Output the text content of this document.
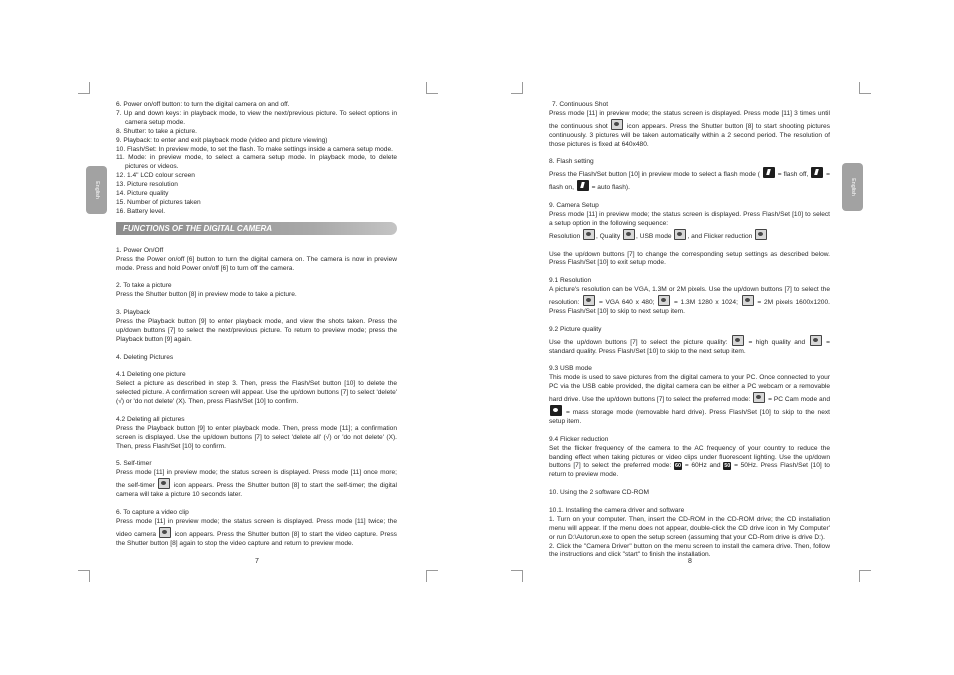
English	English

6. Power on/off button: to turn the digital camera on and off.

7. Up and down keys: in playback mode, to view the next/previous picture. To select options in camera setup mode.

8. Shutter: to take a picture.

9. Playback: to enter and exit playback mode (video and picture viewing)

10. Flash/Set: In preview mode, to set the flash. To make settings inside a camera setup mode.

11. Mode: in preview mode, to select a camera setup mode. In playback mode, to delete pictures or videos.

12. 1.4" LCD colour screen

13. Picture resolution

14. Picture quality

15. Number of pictures taken

16. Battery level.

FUNCTIONS OF THE DIGITAL CAMERA

1. Power On/Off

Press the Power on/off [6] button to turn the digital camera on. The camera is now in preview mode. Press and hold Power on/off [6] to turn off the camera.

2. To take a picture

Press the Shutter button [8] in preview mode to take a picture.

3. Playback

Press the Playback button [9] to enter playback mode, and view the shots taken. Press the up/down buttons [7] to select the next/previous picture. To return to preview mode; press the Playback button [9] again.

4. Deleting Pictures

4.1 Deleting one picture

Select a picture as described in step 3. Then, press the Flash/Set button [10] to delete the selected picture. A confirmation screen will appear. Use the up/down buttons [7] to select 'delete' (√) or 'do not delete' (X). Then, press Flash/Set [10] to confirm.

4.2 Deleting all pictures

Press the Playback button [9] to enter playback mode. Then, press mode [11]; a confirmation screen is displayed. Use the up/down buttons [7] to select 'delete all' (√) or 'do not delete' (X). Then, press Flash/Set [10] to confirm.

5. Self-timer

Press mode [11] in preview mode; the status screen is displayed. Press mode [11] once more; the self-timer	icon appears. Press the Shutter button [8] to start the self-timer; the digital camera will take a picture 10 seconds later.

6. To capture a video clip

Press mode [11] in preview mode; the status screen is displayed. Press mode [11] twice; the video camera	icon appears. Press the Shutter button [8] to start the video capture. Press the Shutter button [8] again to stop the video capture and return to preview mode.

7

7. Continuous Shot

Press mode [11] in preview mode; the status screen is displayed. Press mode [11] 3 times until the continuous shot	icon appears. Press the Shutter button [8] to start shooting pictures continuously. 3 pictures will be taken automatically within a 2 second period. The resolution of those pictures is fixed at 640x480.

8. Flash setting

Press the Flash/Set button [10] in preview mode to select a flash mode (	= flash off,	= flash on,	= auto flash).

9. Camera Setup

Press mode [11] in preview mode; the status screen is displayed. Press Flash/Set [10] to select a setup option in the following sequence:

Resolution , Quality , USB mode , and Flicker reduction

Use the up/down buttons [7] to change the corresponding setup settings as described below. Press Flash/Set [10] to exit setup mode.

9.1 Resolution

A picture's resolution can be VGA, 1.3M or 2M pixels. Use the up/down buttons [7] to select the resolution:	= VGA 640 x 480;	= 1.3M 1280 x 1024;	= 2M pixels 1600x1200. Press Flash/Set [10] to skip to next setup item.

9.2 Picture quality

Use the up/down buttons [7] to select the picture quality:	= high quality and	= standard quality. Press Flash/Set [10] to skip to the next setup item.

9.3 USB mode

This mode is used to save pictures from the digital camera to your PC. Once connected to your PC via the USB cable provided, the digital camera can be either a PC webcam or a removable hard drive. Use the up/down buttons [7] to select the preferred mode:	= PC Cam mode and  = mass storage mode (removable hard drive). Press Flash/Set [10] to skip to the next setup item.

9.4 Flicker reduction

Set the flicker frequency of the camera to the AC frequency of your country to reduce the banding effect when taking pictures or video clips under fluorescent lighting. Use the up/down buttons [7] to select the preferred mode: 60 = 60Hz and 50 = 50Hz. Press Flash/Set [10] to return to preview mode.

10. Using the 2 software CD-ROM

10.1. Installing the camera driver and software

1. Turn on your computer. Then, insert the CD-ROM in the CD-ROM drive; the CD installation menu will appear. If the menu does not appear, double-click the CD drive icon in 'My Computer' or run D:\Autorun.exe to open the setup screen (assuming that your CD-Rom drive is drive D:).

2. Click the "Camera Driver" button on the menu screen to install the camera drive. Then, follow the instructions and click "start" to finish the installation.

8
